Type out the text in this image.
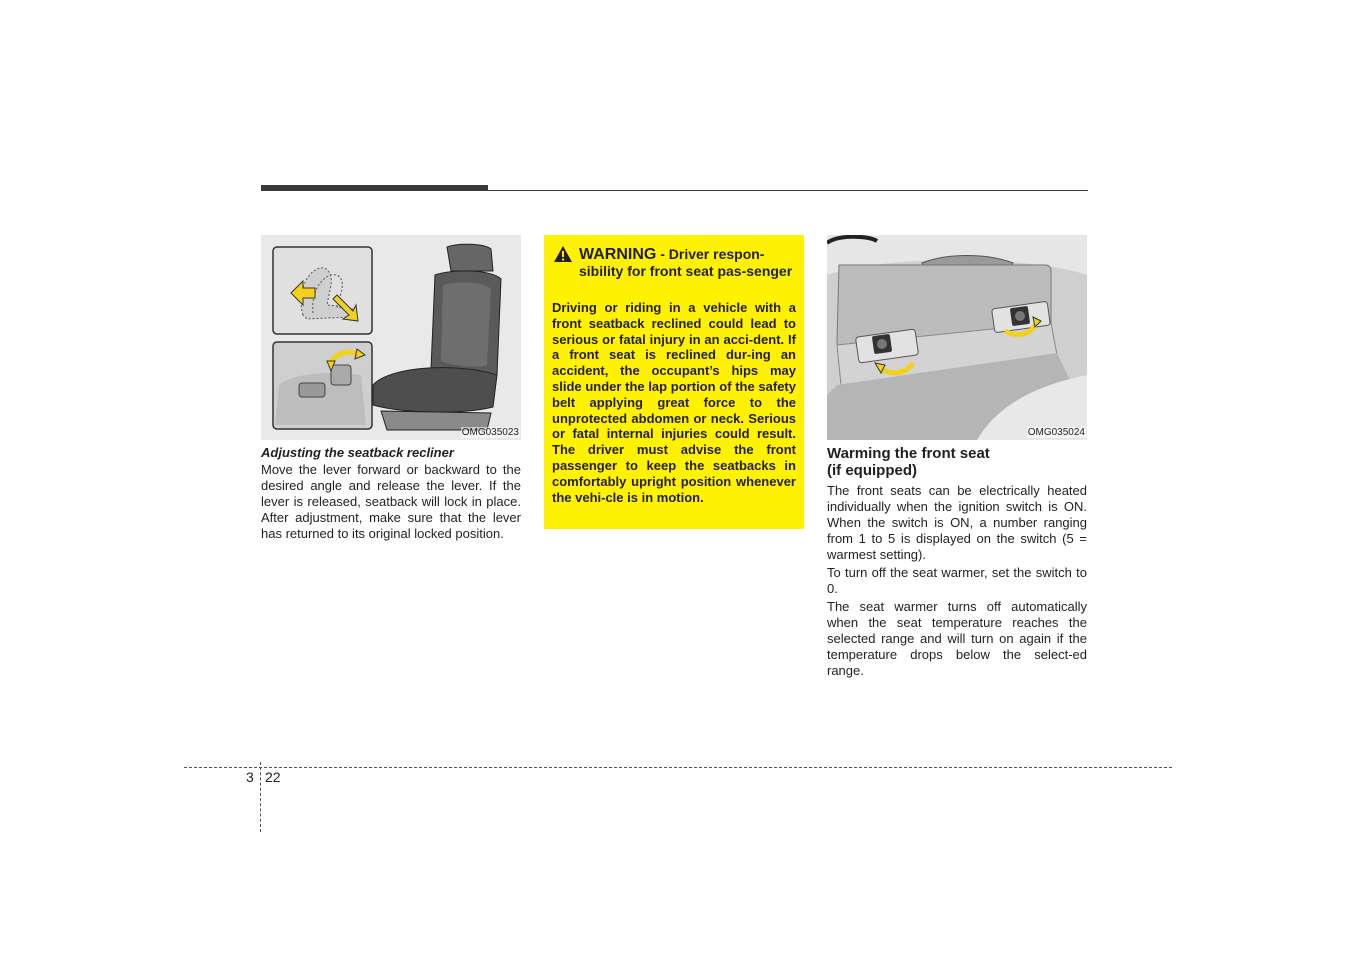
OMG035023
Adjusting the seatback recliner

Move the lever forward or backward to the desired angle and release the lever. If the lever is released, seatback will lock in place. After adjustment, make sure that the lever has returned to its original locked position.

WARNING - Driver respon-sibility for front seat pas-senger
Driving or riding in a vehicle with a front seatback reclined could lead to serious or fatal injury in an acci-dent. If a front seat is reclined dur-ing an accident, the occupant’s hips may slide under the lap portion of the safety belt applying great force to the unprotected abdomen or neck. Serious or fatal internal injuries could result. The driver must advise the front passenger to keep the seatbacks in comfortably upright position whenever the vehi-cle is in motion.
OMG035024
Warming the front seat
(if equipped)

The front seats can be electrically heated individually when the ignition switch is ON. When the switch is ON, a number ranging from 1 to 5 is displayed on the switch (5 = warmest setting).

To turn off the seat warmer, set the switch to 0.

The seat warmer turns off automatically when the seat temperature reaches the selected range and will turn on again if the temperature drops below the select-ed range.

3 22
